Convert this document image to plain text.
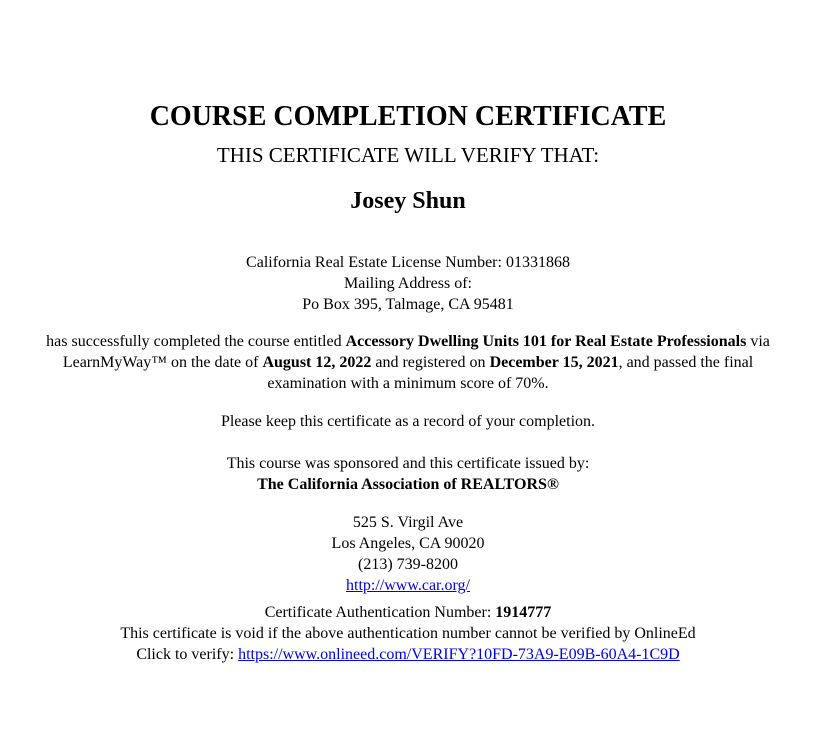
COURSE COMPLETION CERTIFICATE
THIS CERTIFICATE WILL VERIFY THAT:
Josey Shun

California Real Estate License Number: 01331868

Mailing Address of:

Po Box 395, Talmage, CA 95481

has successfully completed the course entitled Accessory Dwelling Units 101 for Real Estate Professionals via LearnMyWay™ on the date of August 12, 2022 and registered on December 15, 2021, and passed the final examination with a minimum score of 70%.

Please keep this certificate as a record of your completion.

This course was sponsored and this certificate issued by:

The California Association of REALTORS®

525 S. Virgil Ave

Los Angeles, CA 90020

(213) 739-8200

http://www.car.org/

Certificate Authentication Number: 1914777

This certificate is void if the above authentication number cannot be verified by OnlineEd

Click to verify: https://www.onlineed.com/VERIFY?10FD-73A9-E09B-60A4-1C9D
